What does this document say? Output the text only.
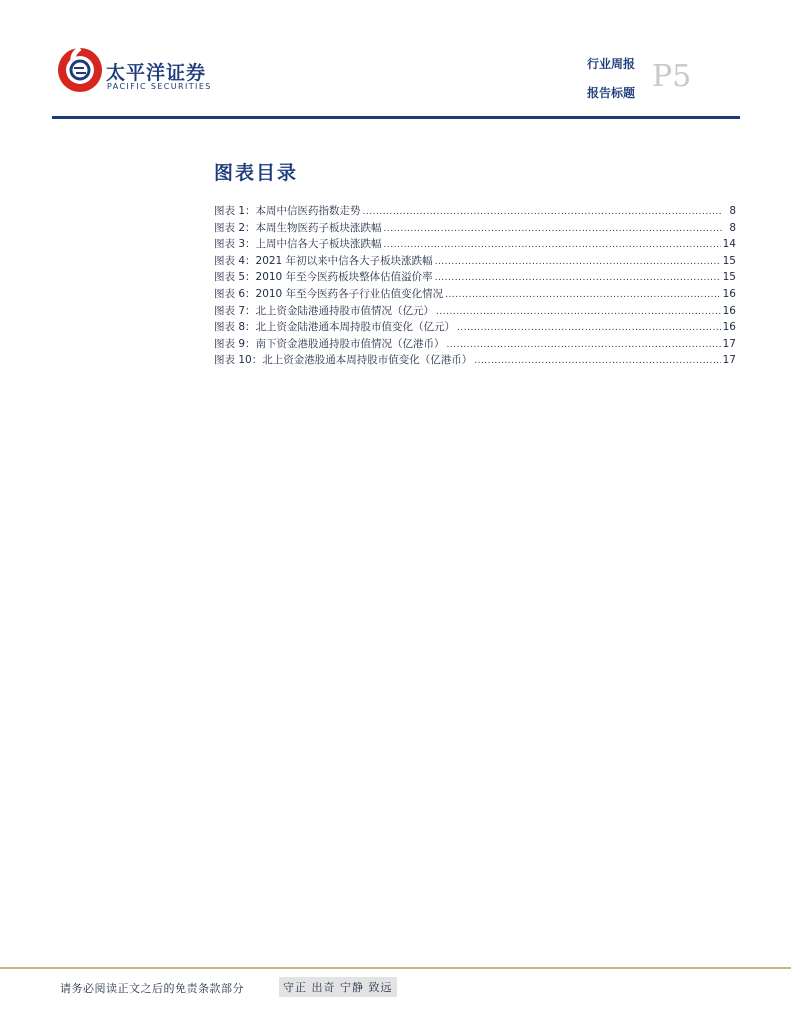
太平洋证券
PACIFIC SECURITIES
行业周报
报告标题 P5
图表目录
图表 1：本周中信医药指数走势 .....	8
图表 2：本周生物医药子板块涨跌幅 .....	8
图表 3：上周中信各大子板块涨跌幅 .....	14
图表 4：2021 年初以来中信各大子板块涨跌幅 .....	15
图表 5：2010 年至今医药板块整体估值溢价率 .....	15
图表 6：2010 年至今医药各子行业估值变化情况 .....	16
图表 7：北上资金陆港通持股市值情况（亿元） .....	16
图表 8：北上资金陆港通本周持股市值变化（亿元） .....	16
图表 9：南下资金港股通持股市值情况（亿港币） .....	17
图表 10：北上资金港股通本周持股市值变化（亿港币） .....	17
请务必阅读正文之后的免责条款部分	守正 出奇 宁静 致远
